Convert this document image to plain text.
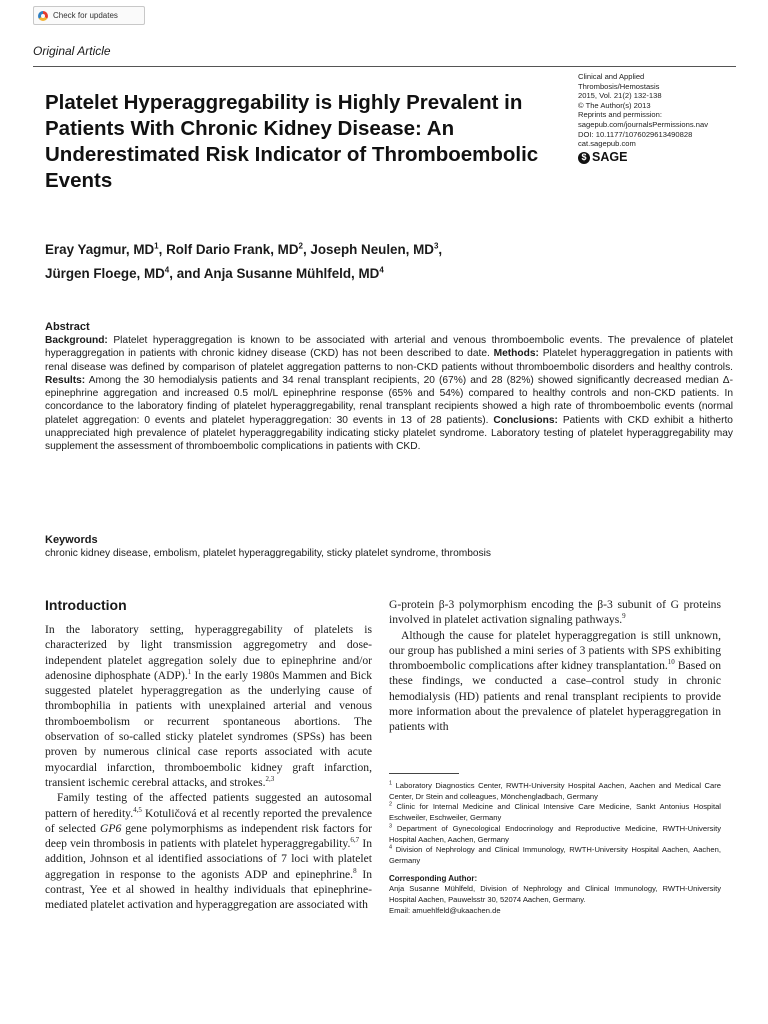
Check for updates
Original Article
Platelet Hyperaggregability is Highly Prevalent in Patients With Chronic Kidney Disease: An Underestimated Risk Indicator of Thromboembolic Events
Clinical and Applied
Thrombosis/Hemostasis
2015, Vol. 21(2) 132-138
© The Author(s) 2013
Reprints and permission:
sagepub.com/journalsPermissions.nav
DOI: 10.1177/1076029613490828
cat.sagepub.com
$ SAGE
Eray Yagmur, $MD^1$, Rolf Dario Frank, $MD^2$, Joseph Neulen, $MD^3$,
Jürgen Floege, $MD^4$, and Anja Susanne Mühlfeld, $MD^4$
Abstract

Background: Platelet hyperaggregation is known to be associated with arterial and venous thromboembolic events. The prevalence of platelet hyperaggregation in patients with chronic kidney disease (CKD) has not been described to date. Methods: Platelet hyperaggregation in patients with renal disease was defined by comparison of platelet aggregation patterns to non-CKD patients without thromboembolic disorders and healthy controls. Results: Among the 30 hemodialysis patients and 34 renal transplant recipients, 20 (67%) and 28 (82%) showed significantly decreased median Δ-epinephrine aggregation and increased 0.5 mol/L epinephrine response (65% and 54%) compared to healthy controls and non-CKD patients. In concordance to the laboratory finding of platelet hyperaggregability, renal transplant recipients showed a high rate of thromboembolic events (normal platelet aggregation: 0 events and platelet hyperaggregation: 30 events in 13 of 28 patients). Conclusions: Patients with CKD exhibit a hitherto unappreciated high prevalence of platelet hyperaggregability indicating sticky platelet syndrome. Laboratory testing of platelet hyperaggregability may supplement the assessment of thromboembolic complications in patients with CKD.

Keywords

chronic kidney disease, embolism, platelet hyperaggregability, sticky platelet syndrome, thrombosis

Introduction

In the laboratory setting, hyperaggregability of platelets is characterized by light transmission aggregometry and dose-independent platelet aggregation solely due to epinephrine and/or adenosine diphosphate (ADP).$^1$ In the early 1980s Mammen and Bick suggested platelet hyperaggregation as the underlying cause of thrombophilia in patients with unexplained arterial and venous thromboembolism or recurrent spontaneous abortions. The observation of so-called sticky platelet syndromes (SPSs) has been proven by numerous clinical case reports associated with acute myocardial infarction, thromboembolic kidney graft infarction, transient ischemic cerebral attacks, and strokes.$^{2,3}$

Family testing of the affected patients suggested an autosomal pattern of heredity.$^{4,5}$ Kotuličová et al recently reported the prevalence of selected GP6 gene polymorphisms as independent risk factors for deep vein thrombosis in patients with platelet hyperaggregability.$^{6,7}$ In addition, Johnson et al identified associations of 7 loci with platelet aggregation in response to the agonists ADP and epinephrine.$^8$ In contrast, Yee et al showed in healthy individuals that epinephrine-mediated platelet activation and hyperaggregation are associated with

G-protein β-3 polymorphism encoding the β-3 subunit of G proteins involved in platelet activation signaling pathways.$^9$

Although the cause for platelet hyperaggregation is still unknown, our group has published a mini series of 3 patients with SPS exhibiting thromboembolic complications after kidney transplantation.$^{10}$ Based on these findings, we conducted a case–control study in chronic hemodialysis (HD) patients and renal transplant recipients to provide more information about the prevalence of platelet hyperaggregation in patients with

$^1$ Laboratory Diagnostics Center, RWTH-University Hospital Aachen, Aachen and Medical Care Center, Dr Stein and colleagues, Mönchengladbach, Germany

$^2$ Clinic for Internal Medicine and Clinical Intensive Care Medicine, Sankt Antonius Hospital Eschweiler, Eschweiler, Germany

$^3$ Department of Gynecological Endocrinology and Reproductive Medicine, RWTH-University Hospital Aachen, Aachen, Germany

$^4$ Division of Nephrology and Clinical Immunology, RWTH-University Hospital Aachen, Aachen, Germany

Corresponding Author:

Anja Susanne Mühlfeld, Division of Nephrology and Clinical Immunology, RWTH-University Hospital Aachen, Pauwelsstr 30, 52074 Aachen, Germany.

Email: amuehlfeld@ukaachen.de
